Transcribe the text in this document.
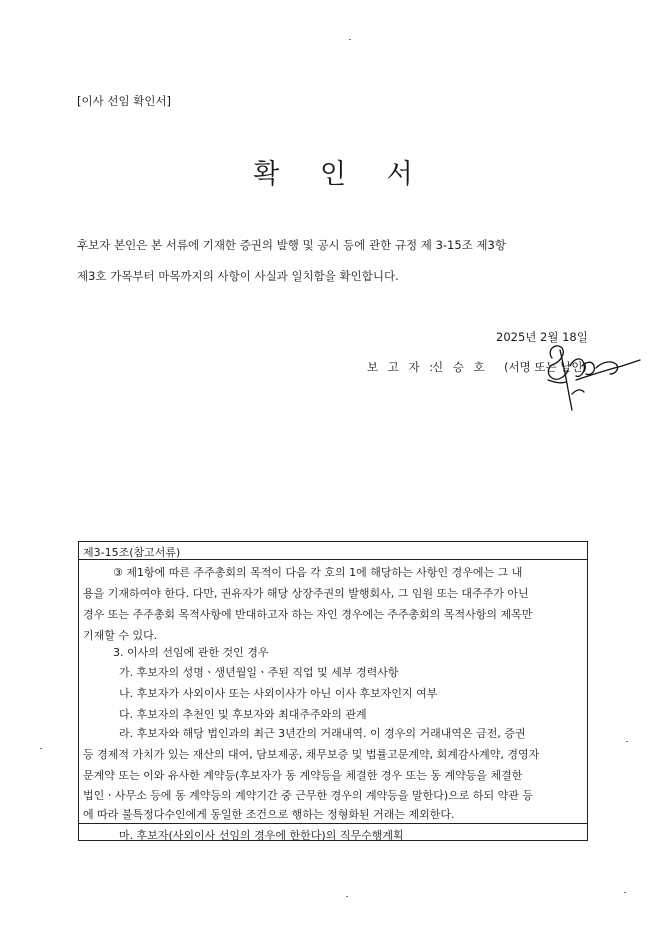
[이사 선임 확인서]
확 인 서
후보자 본인은 본 서류에 기재한 증권의 발행 및 공시 등에 관한 규정 제 3-15조 제3항
제3호 가목부터 마목까지의 사항이 사실과 일치함을 확인합니다.
2025년 2월 18일
보 고 자 :
신 승 호 (서명 또는 날인)
제3-15조(참고서류)
③ 제1항에 따른 주주총회의 목적이 다음 각 호의 1에 해당하는 사항인 경우에는 그 내
용을 기재하여야 한다. 다만, 권유자가 해당 상장주권의 발행회사, 그 임원 또는 대주주가 아닌
경우 또는 주주총회 목적사항에 반대하고자 하는 자인 경우에는 주주총회의 목적사항의 제목만
기재할 수 있다.
3. 이사의 선임에 관한 것인 경우
가. 후보자의 성명ㆍ생년월일ㆍ주된 직업 및 세부 경력사항
나. 후보자가 사외이사 또는 사외이사가 아닌 이사 후보자인지 여부
다. 후보자의 추천인 및 후보자와 최대주주와의 관계
라. 후보자와 해당 법인과의 최근 3년간의 거래내역. 이 경우의 거래내역은 금전, 증권
등 경제적 가치가 있는 재산의 대여, 담보제공, 채무보증 및 법률고문계약, 회계감사계약, 경영자
문계약 또는 이와 유사한 계약등(후보자가 동 계약등을 체결한 경우 또는 동 계약등을 체결한
법인ㆍ사무소 등에 동 계약등의 계약기간 중 근무한 경우의 계약등을 말한다)으로 하되 약관 등
에 따라 불특정다수인에게 동일한 조건으로 행하는 정형화된 거래는 제외한다.
마. 후보자(사외이사 선임의 경우에 한한다)의 직무수행계획
